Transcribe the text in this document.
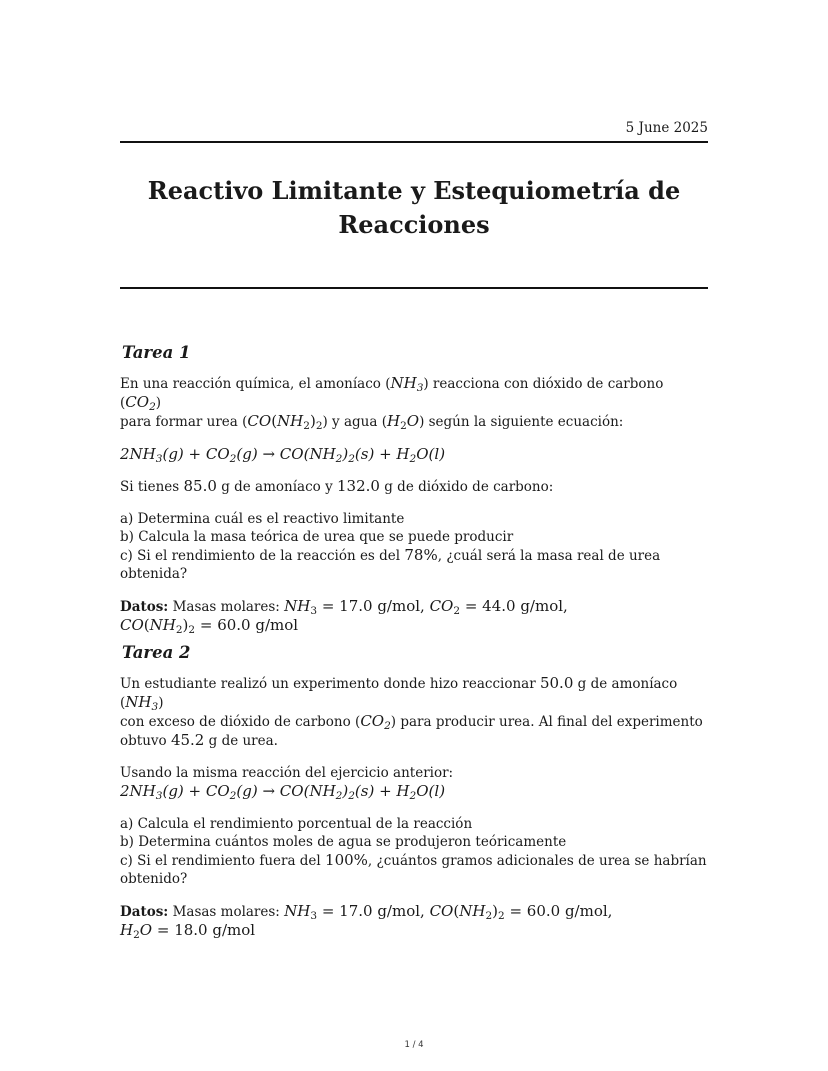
5 June 2025
Reactivo Limitante y Estequiometría de
Reacciones
Tarea 1

En una reacción química, el amoníaco $(NH_3)$ reacciona con dióxido de carbono $(CO_2)$
para formar urea $(CO(NH_2)_2)$ y agua $(H_2O)$ según la siguiente ecuación:

$2NH_3(g) + CO_2(g) \to CO(NH_2)_2(s) + H_2O(l)$

Si tienes 85.0 g de amoníaco y 132.0 g de dióxido de carbono:

a) Determina cuál es el reactivo limitante
b) Calcula la masa teórica de urea que se puede producir
c) Si el rendimiento de la reacción es del 78%, ¿cuál será la masa real de urea obtenida?

Datos: Masas molares: $NH_3 = 17.0$ g/mol, $CO_2 = 44.0$ g/mol,
$CO(NH_2)_2 = 60.0$ g/mol

Tarea 2

Un estudiante realizó un experimento donde hizo reaccionar 50.0 g de amoníaco $(NH_3)$
con exceso de dióxido de carbono $(CO_2)$ para producir urea. Al final del experimento
obtuvo 45.2 g de urea.

Usando la misma reacción del ejercicio anterior:
$2NH_3(g) + CO_2(g) \to CO(NH_2)_2(s) + H_2O(l)$

a) Calcula el rendimiento porcentual de la reacción
b) Determina cuántos moles de agua se produjeron teóricamente
c) Si el rendimiento fuera del 100%, ¿cuántos gramos adicionales de urea se habrían
obtenido?

Datos: Masas molares: $NH_3 = 17.0$ g/mol, $CO(NH_2)_2 = 60.0$ g/mol,
$H_2O = 18.0$ g/mol

1 / 4
